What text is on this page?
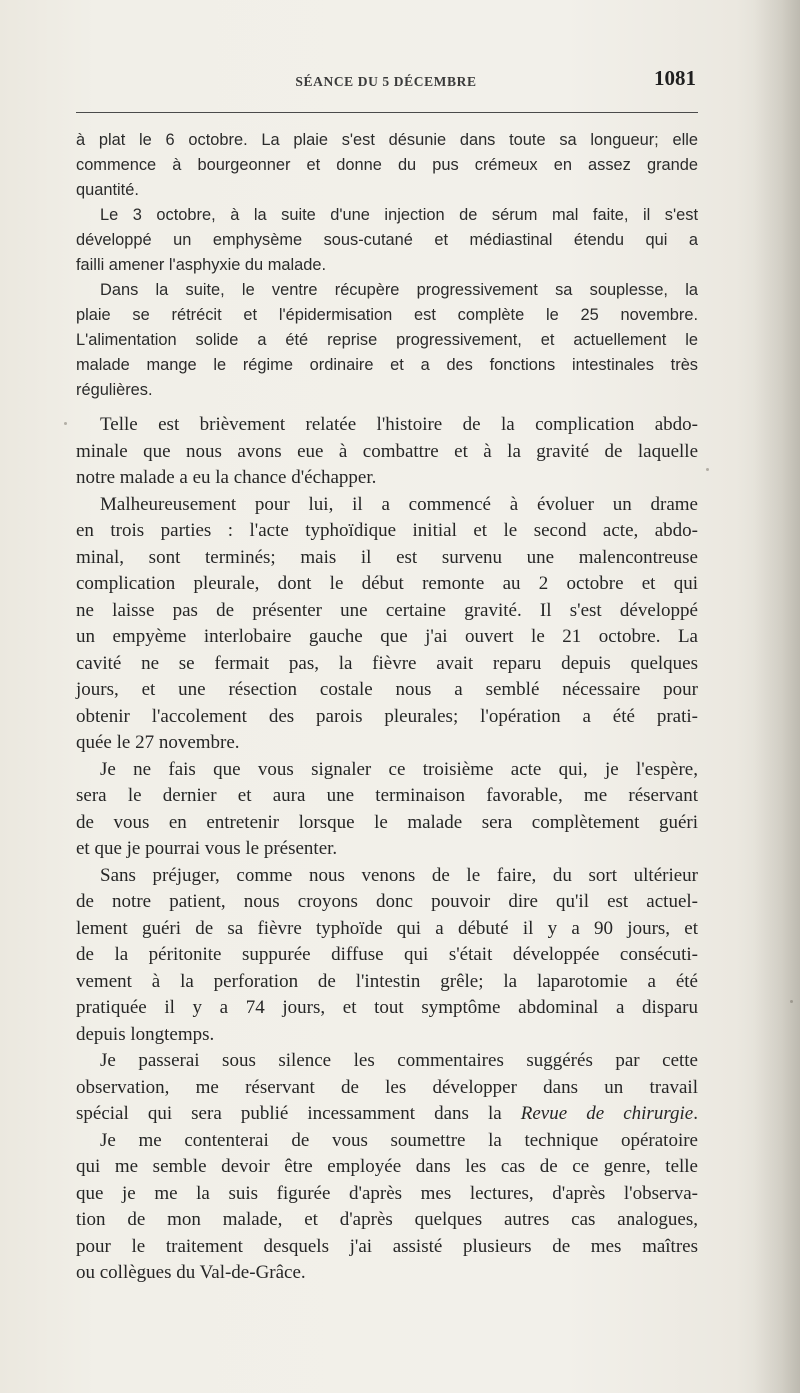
SÉANCE DU 5 DÉCEMBRE	1081

à plat le 6 octobre. La plaie s'est désunie dans toute sa longueur; elle
commence à bourgeonner et donne du pus crémeux en assez grande
quantité.

Le 3 octobre, à la suite d'une injection de sérum mal faite, il s'est
développé un emphysème sous-cutané et médiastinal étendu qui a
failli amener l'asphyxie du malade.

Dans la suite, le ventre récupère progressivement sa souplesse, la
plaie se rétrécit et l'épidermisation est complète le 25 novembre.
L'alimentation solide a été reprise progressivement, et actuellement le
malade mange le régime ordinaire et a des fonctions intestinales très
régulières.

Telle est brièvement relatée l'histoire de la complication abdo-
minale que nous avons eue à combattre et à la gravité de laquelle
notre malade a eu la chance d'échapper.

Malheureusement pour lui, il a commencé à évoluer un drame
en trois parties : l'acte typhoïdique initial et le second acte, abdo-
minal, sont terminés; mais il est survenu une malencontreuse
complication pleurale, dont le début remonte au 2 octobre et qui
ne laisse pas de présenter une certaine gravité. Il s'est développé
un empyème interlobaire gauche que j'ai ouvert le 21 octobre. La
cavité ne se fermait pas, la fièvre avait reparu depuis quelques
jours, et une résection costale nous a semblé nécessaire pour
obtenir l'accolement des parois pleurales; l'opération a été prati-
quée le 27 novembre.

Je ne fais que vous signaler ce troisième acte qui, je l'espère,
sera le dernier et aura une terminaison favorable, me réservant
de vous en entretenir lorsque le malade sera complètement guéri
et que je pourrai vous le présenter.

Sans préjuger, comme nous venons de le faire, du sort ultérieur
de notre patient, nous croyons donc pouvoir dire qu'il est actuel-
lement guéri de sa fièvre typhoïde qui a débuté il y a 90 jours, et
de la péritonite suppurée diffuse qui s'était développée consécuti-
vement à la perforation de l'intestin grêle; la laparotomie a été
pratiquée il y a 74 jours, et tout symptôme abdominal a disparu
depuis longtemps.

Je passerai sous silence les commentaires suggérés par cette
observation, me réservant de les développer dans un travail
spécial qui sera publié incessamment dans la Revue de chirurgie.

Je me contenterai de vous soumettre la technique opératoire
qui me semble devoir être employée dans les cas de ce genre, telle
que je me la suis figurée d'après mes lectures, d'après l'observa-
tion de mon malade, et d'après quelques autres cas analogues,
pour le traitement desquels j'ai assisté plusieurs de mes maîtres
ou collègues du Val-de-Grâce.
